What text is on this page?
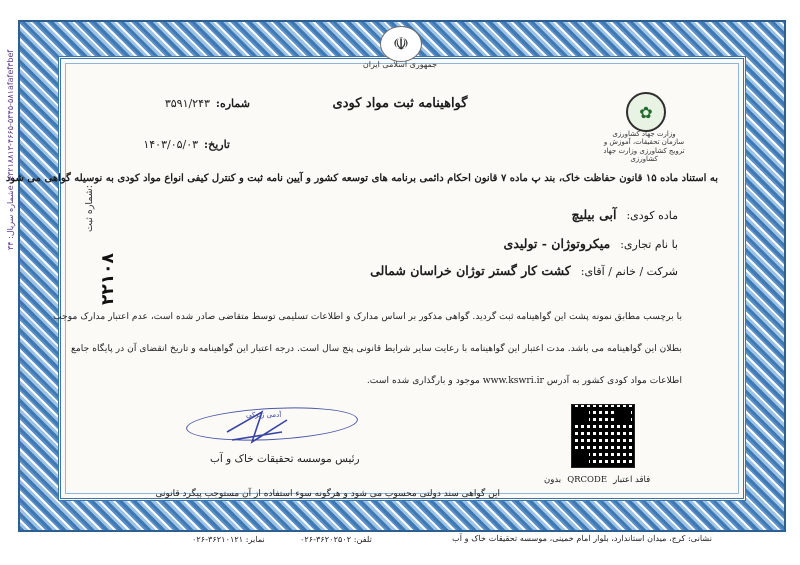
☫
جمهوری اسلامی ایران
گواهینامه ثبت مواد کودی	✿
وزارت جهاد کشاورزی
سازمان تحقیقات، آموزش و ترویج کشاورزی وزارت جهاد کشاورزی
شماره:
۳۵۹۱/۲۴۳
تاریخ:
۱۴۰۳/۰۵/۰۳
به استناد ماده ۱۵ قانون حفاظت خاک، بند پ ماده ۷ قانون احکام دائمی برنامه های توسعه کشور و آیین نامه ثبت و کنترل کیفی انواع مواد کودی به نوسیله گواهی می شود
ماده کودی:
آبی بیلیچ
با نام تجاری:
میکروتوژان - تولیدی
شرکت / خانم / آقای:
کشت کار گستر توژان خراسان شمالی
با برچسب مطابق نمونه پشت این گواهینامه ثبت گردید. گواهی مذکور بر اساس مدارک و اطلاعات تسلیمی توسط متقاضی صادر شده است، عدم اعتبار مدارک موجب
بطلان این گواهینامه می باشد. مدت اعتبار این گواهینامه با رعایت سایر شرایط قانونی پنج سال است. درجه اعتبار این گواهینامه و تاریخ انقضای آن در پایگاه جامع
اطلاعات مواد کودی کشور به آدرس www.kswri.ir موجود و بارگذاری شده است.
آدمی زیرکی
رئیس موسسه تحقیقات خاک و آب
فاقد اعتبار
QRCODE
بدون
این گواهی سند دولتی محسوب می شود و هرگونه سوء استفاده از آن مستوجب پیگرد قانونی
نشانی: کرج، میدان استاندارد، بلوار امام خمینی، موسسه تحقیقات خاک و آب
تلفن: ۳۶۲۰۲۵۰۲-۰۲۶
نمابر: ۳۶۲۱۰۱۲۱-۰۲۶
شماره سریال: ۳۴e۰e۳۲۱۸۸۱۳-۴۶۶۵-۵۳۴۵-۵۸۱afafef۳bef
شماره ثبت:
۲۲۱۰۸
